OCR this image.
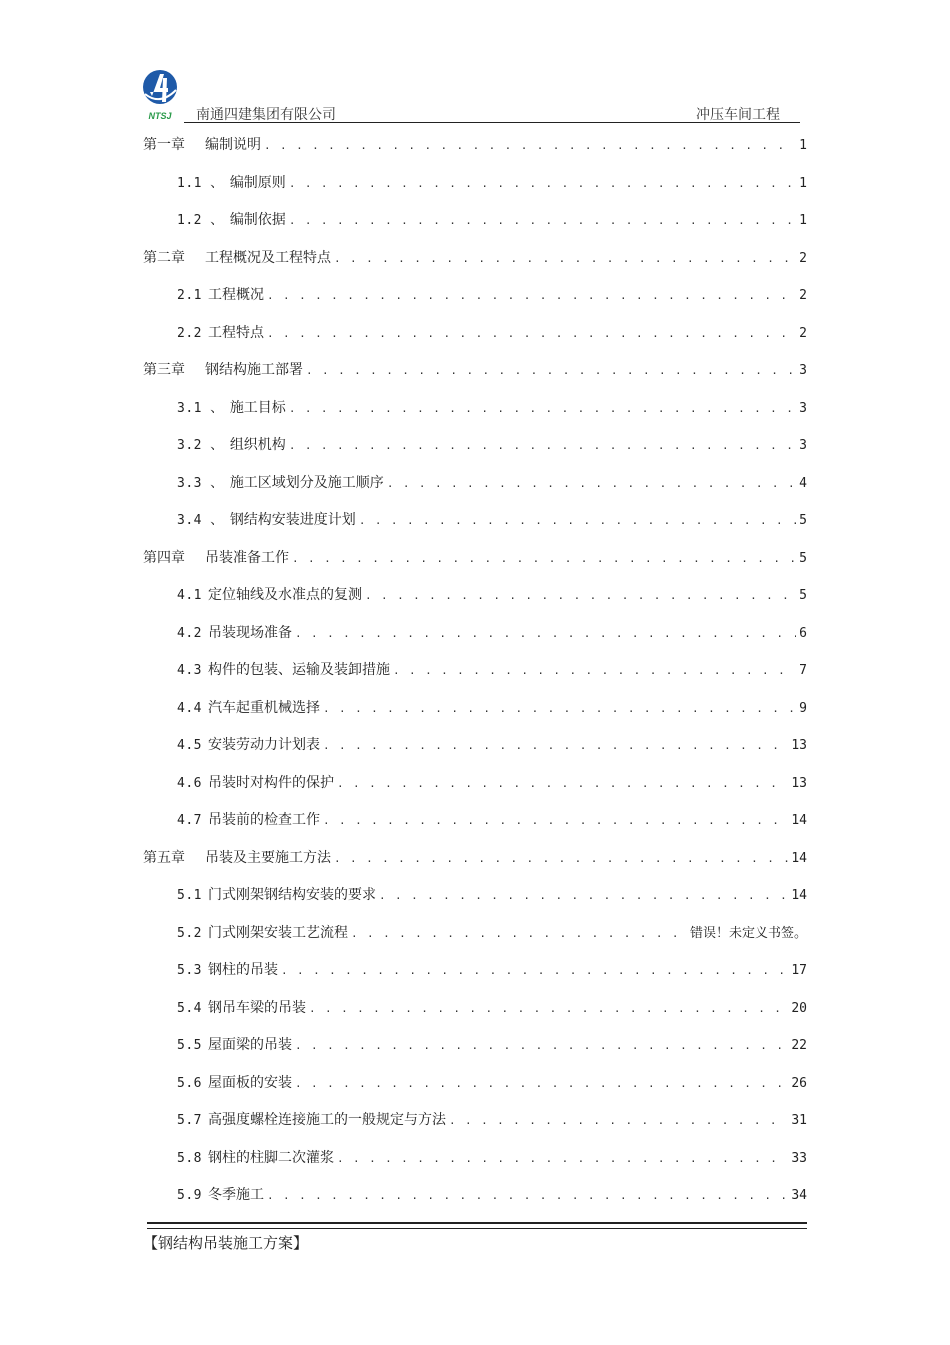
NTSJ 南通四建集团有限公司	冲压车间工程
第一章 编制说明 . . .	1
1.1 、 编制原则 . . .	1
1.2 、 编制依据 . . .	1
第二章 工程概况及工程特点 . . .	2
2.1 工程概况 . . .	2
2.2 工程特点 . . .	2
第三章 钢结构施工部署 . . .	3
3.1 、 施工目标 . . .	3
3.2 、 组织机构 . . .	3
3.3 、 施工区域划分及施工顺序 . . .	4
3.4 、 钢结构安装进度计划 . . .	5
第四章 吊装准备工作 . . .	5
4.1 定位轴线及水准点的复测 . . .	5
4.2 吊装现场准备 . . .	6
4.3 构件的包装、运输及装卸措施 . . .	7
4.4 汽车起重机械选择 . . .	9
4.5 安装劳动力计划表 . . .	13
4.6 吊装时对构件的保护 . . .	13
4.7 吊装前的检查工作 . . .	14
第五章 吊装及主要施工方法 . . .	14
5.1 门式刚架钢结构安装的要求 . . .	14
5.2 门式刚架安装工艺流程 . . .	错误！未定义书签。
5.3 钢柱的吊装 . . .	17
5.4 钢吊车梁的吊装 . . .	20
5.5 屋面梁的吊装 . . .	22
5.6 屋面板的安装 . . .	26
5.7 高强度螺栓连接施工的一般规定与方法 . . .	31
5.8 钢柱的柱脚二次灌浆 . . .	33
5.9 冬季施工 . . .	34
【钢结构吊装施工方案】
